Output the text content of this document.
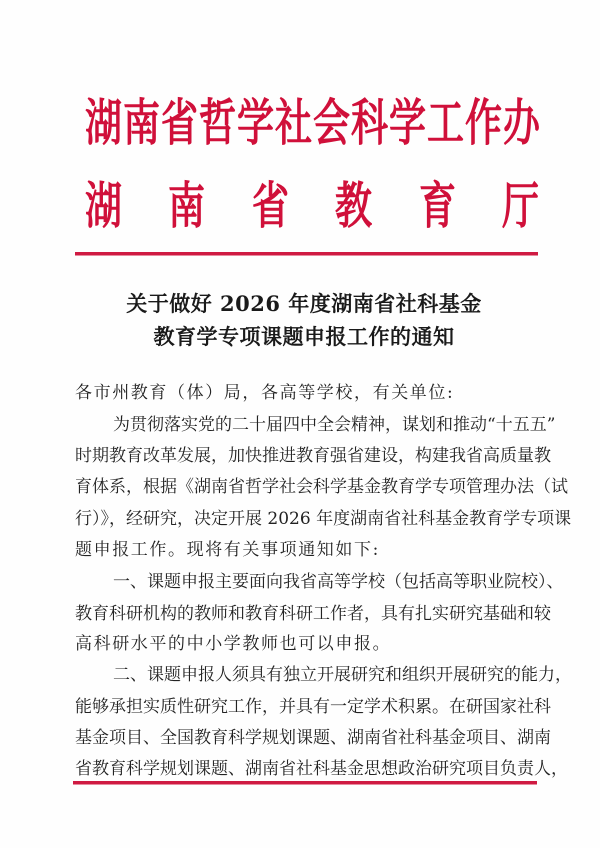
湖 南 省 哲 学 社 会 科 学 工 作 办
湖 南 省 教 育 厅
关于做好 2026 年度湖南省社科基金
教育学专项课题申报工作的通知
各市州教育（体）局，各高等学校，有关单位:
为贯彻落实党的二十届四中全会精神，谋划和推动“十五五”
时期教育改革发展，加快推进教育强省建设，构建我省高质量教
育体系，根据《湖南省哲学社会科学基金教育学专项管理办法（试
行）》，经研究，决定开展 2026 年度湖南省社科基金教育学专项课
题申报工作。现将有关事项通知如下:
一、课题申报主要面向我省高等学校（包括高等职业院校）、
教育科研机构的教师和教育科研工作者，具有扎实研究基础和较
高科研水平的中小学教师也可以申报。
二、课题申报人须具有独立开展研究和组织开展研究的能力，
能够承担实质性研究工作，并具有一定学术积累。在研国家社科
基金项目、全国教育科学规划课题、湖南省社科基金项目、湖南
省教育科学规划课题、湖南省社科基金思想政治研究项目负责人，
